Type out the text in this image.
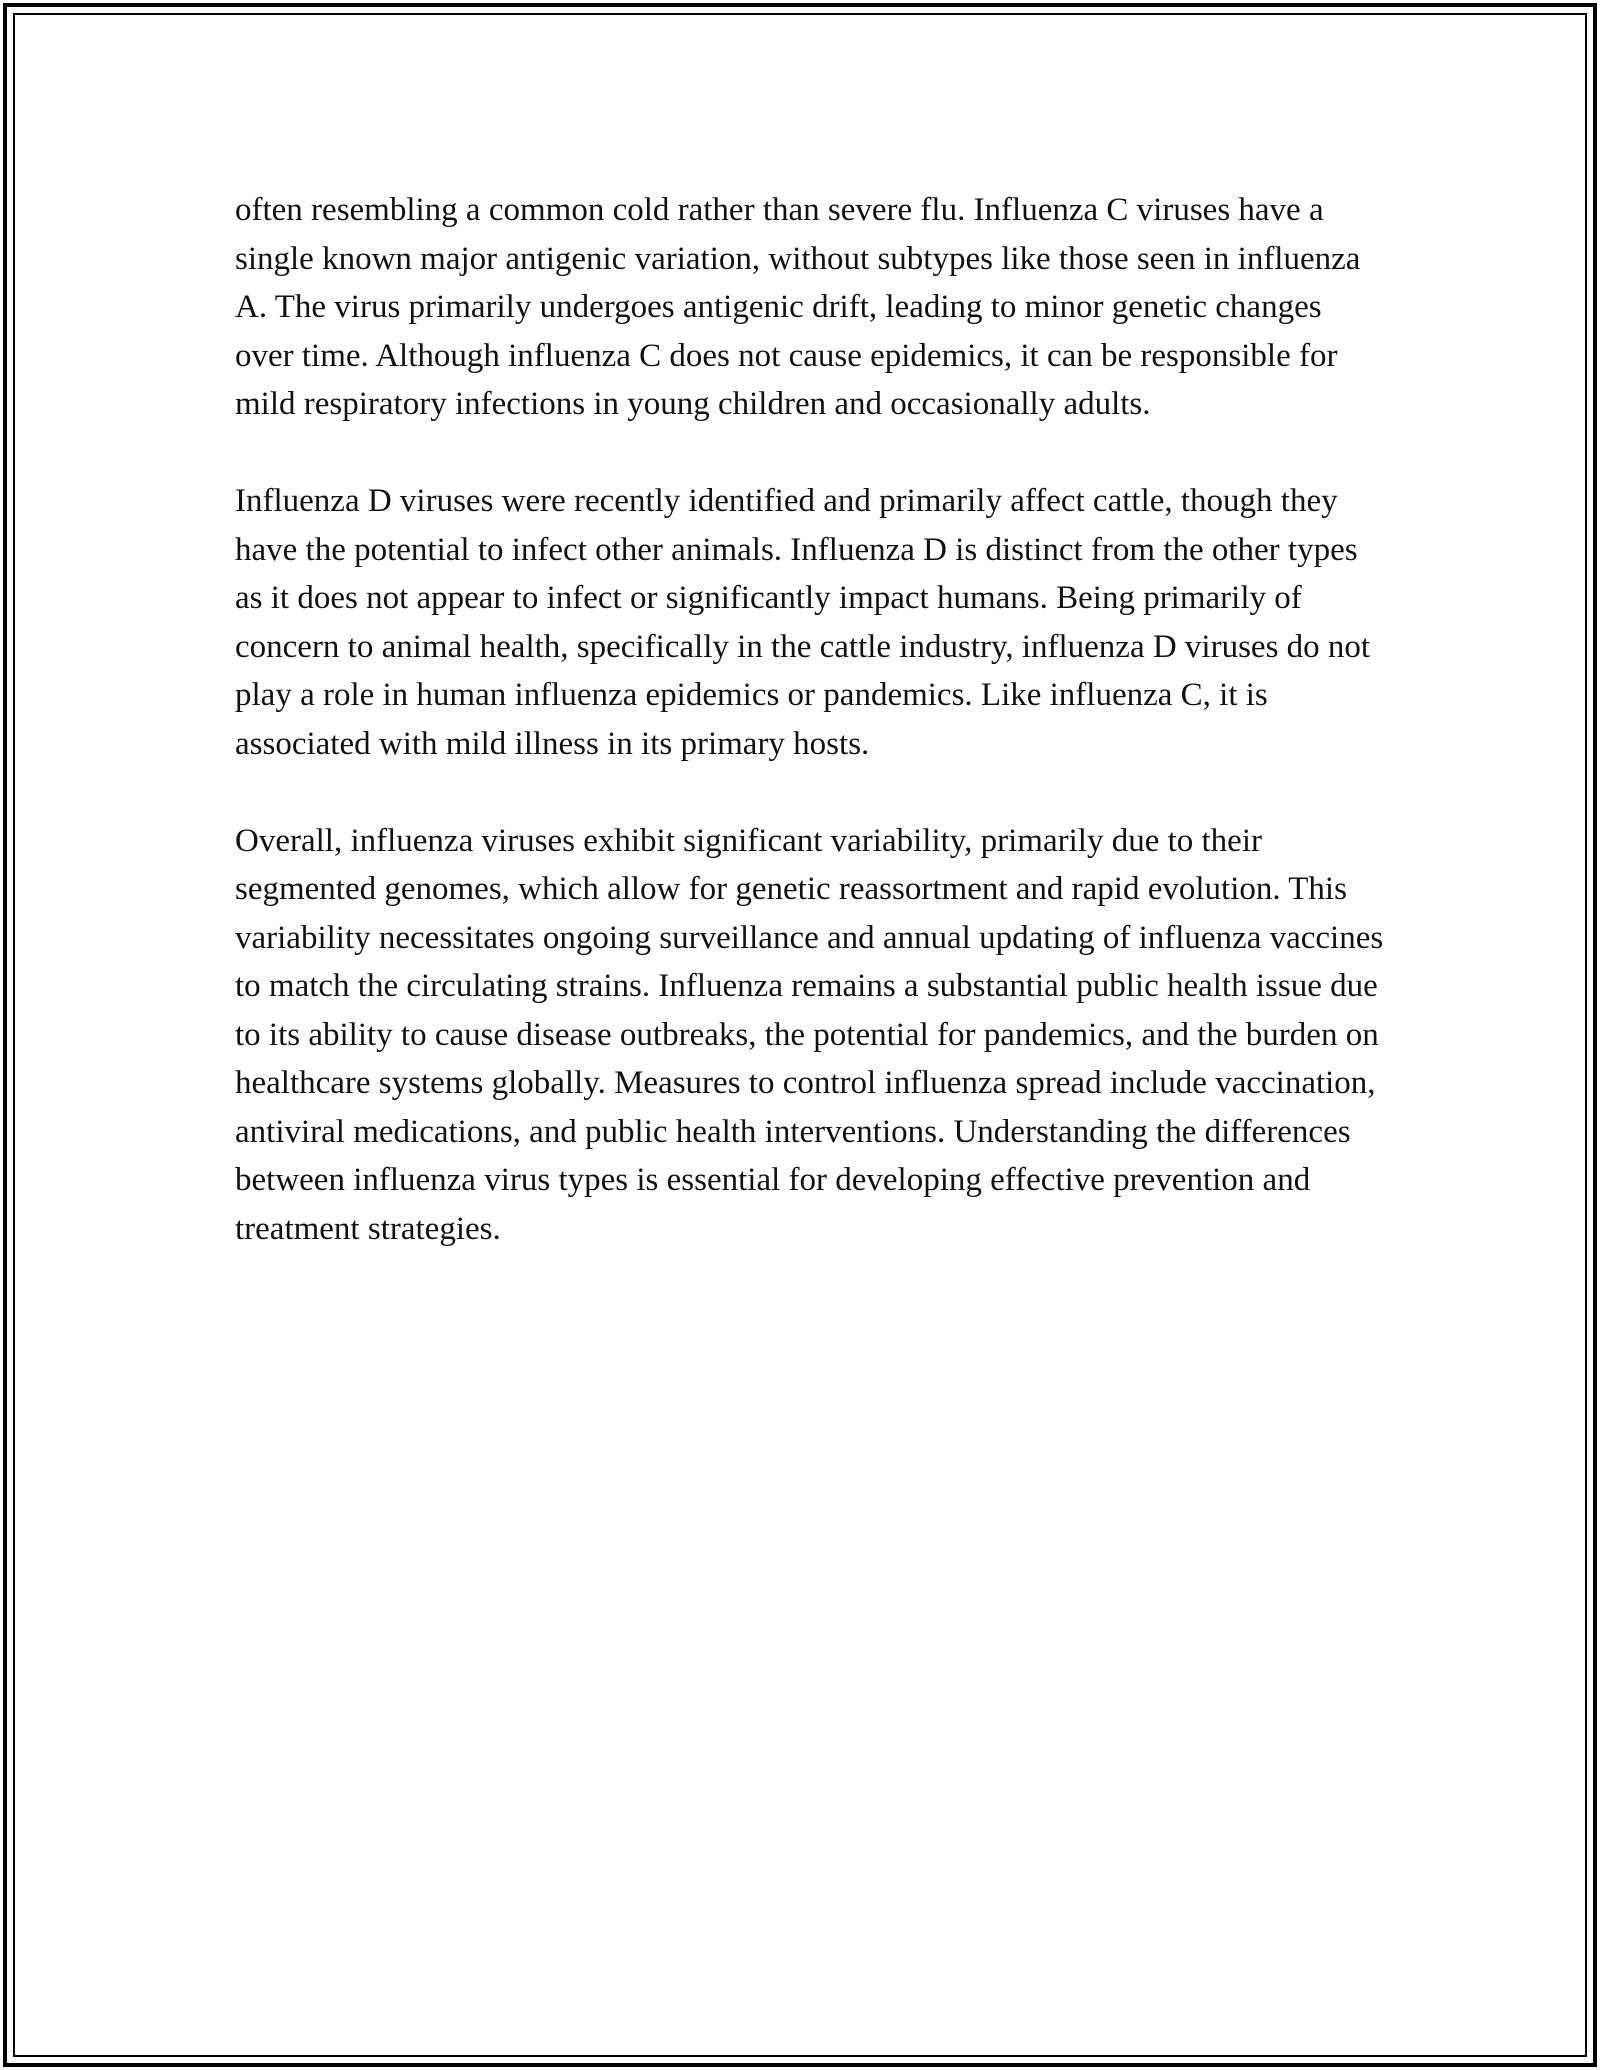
often resembling a common cold rather than severe flu. Influenza C viruses have a single known major antigenic variation, without subtypes like those seen in influenza A. The virus primarily undergoes antigenic drift, leading to minor genetic changes over time. Although influenza C does not cause epidemics, it can be responsible for mild respiratory infections in young children and occasionally adults.

Influenza D viruses were recently identified and primarily affect cattle, though they have the potential to infect other animals. Influenza D is distinct from the other types as it does not appear to infect or significantly impact humans. Being primarily of concern to animal health, specifically in the cattle industry, influenza D viruses do not play a role in human influenza epidemics or pandemics. Like influenza C, it is associated with mild illness in its primary hosts.

Overall, influenza viruses exhibit significant variability, primarily due to their segmented genomes, which allow for genetic reassortment and rapid evolution. This variability necessitates ongoing surveillance and annual updating of influenza vaccines to match the circulating strains. Influenza remains a substantial public health issue due to its ability to cause disease outbreaks, the potential for pandemics, and the burden on healthcare systems globally. Measures to control influenza spread include vaccination, antiviral medications, and public health interventions. Understanding the differences between influenza virus types is essential for developing effective prevention and treatment strategies.
